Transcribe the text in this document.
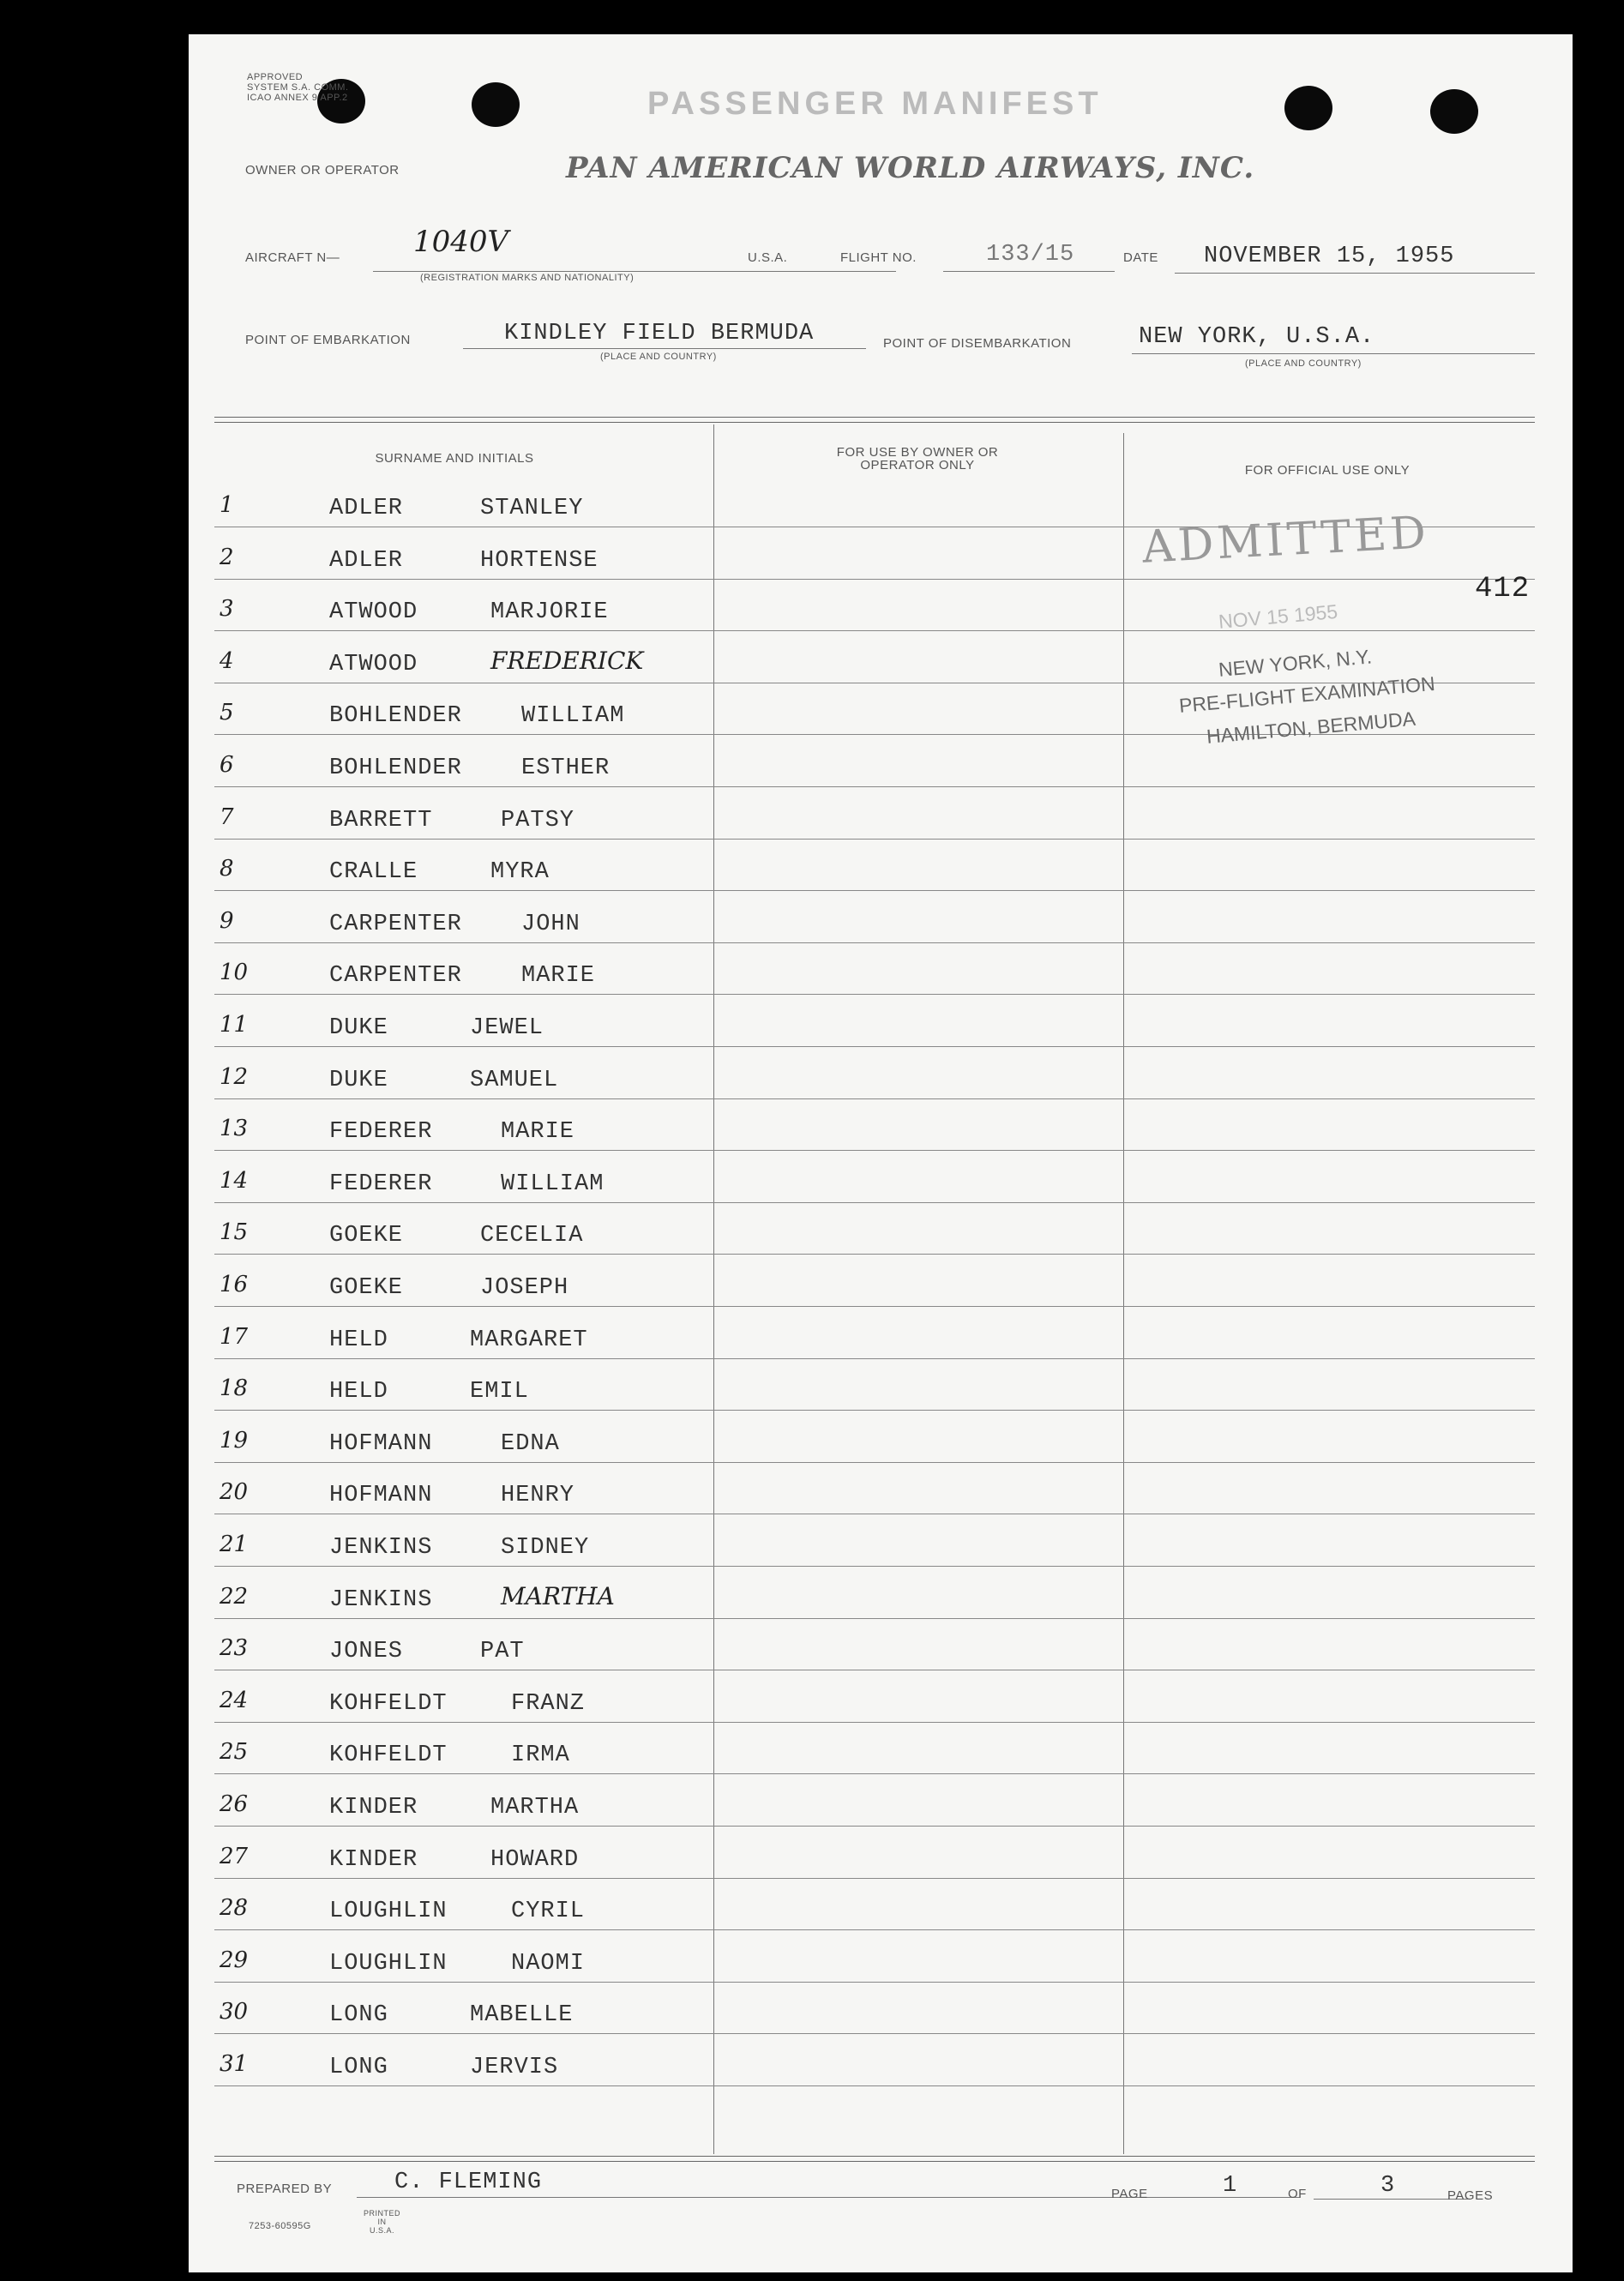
APPROVED
SYSTEM S.A. COMM.
ICAO ANNEX 9 APP.2	PASSENGER MANIFEST
OWNER OR OPERATOR	PAN AMERICAN WORLD AIRWAYS, INC.
AIRCRAFT N—	1040V
(REGISTRATION MARKS AND NATIONALITY)
U.S.A.	FLIGHT NO.	133/15	DATE NOVEMBER 15, 1955
POINT OF EMBARKATION	KINDLEY FIELD BERMUDA
(PLACE AND COUNTRY)
POINT OF DISEMBARKATION	NEW YORK, U.S.A.
(PLACE AND COUNTRY)
SURNAME AND INITIALS	FOR USE BY OWNER OR OPERATOR ONLY	FOR OFFICIAL USE ONLY
1	ADLER	STANLEY
2	ADLER	HORTENSE
3	ATWOOD	MARJORIE
4	ATWOOD	FREDERICK
5	BOHLENDER	WILLIAM
6	BOHLENDER	ESTHER
7	BARRETT	PATSY
8	CRALLE	MYRA
9	CARPENTER	JOHN
10	CARPENTER	MARIE
11	DUKE	JEWEL
12	DUKE	SAMUEL
13	FEDERER	MARIE
14	FEDERER	WILLIAM
15	GOEKE	CECELIA
16	GOEKE	JOSEPH
17	HELD	MARGARET
18	HELD	EMIL
19	HOFMANN	EDNA
20	HOFMANN	HENRY
21	JENKINS	SIDNEY
22	JENKINS	MARTHA
23	JONES	PAT
24	KOHFELDT	FRANZ
25	KOHFELDT	IRMA
26	KINDER	MARTHA
27	KINDER	HOWARD
28	LOUGHLIN	CYRIL
29	LOUGHLIN	NAOMI
30	LONG	MABELLE
31	LONG	JERVIS
ADMITTED
NOV 15 1955
NEW YORK, N.Y.
PRE-FLIGHT EXAMINATION
HAMILTON, BERMUDA
412
PREPARED BY	C. FLEMING	PAGE	1	OF	3	PAGES
7253-60595G
PRINTED
IN
U.S.A.
